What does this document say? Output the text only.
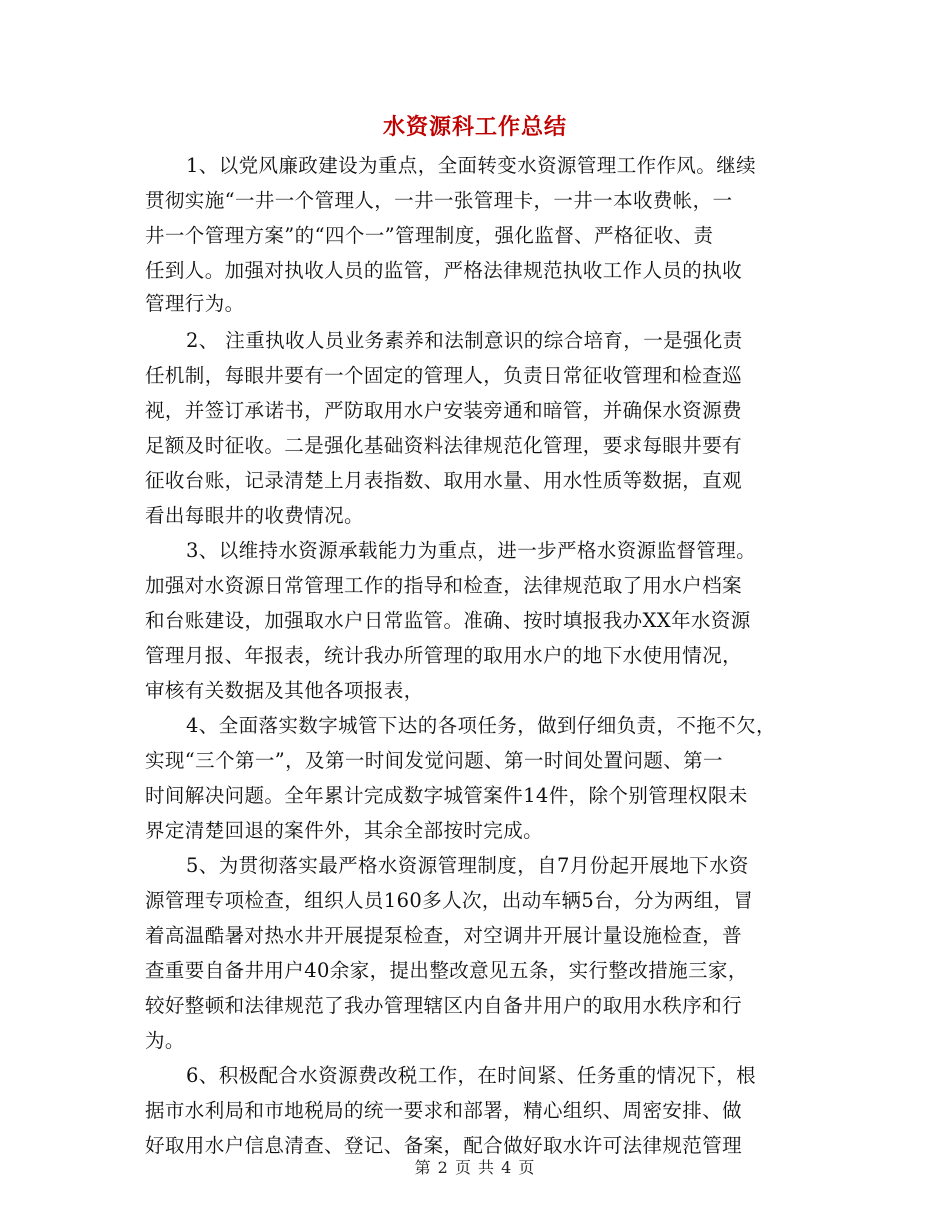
水资源科工作总结
1、以党风廉政建设为重点，全面转变水资源管理工作作风。继续
贯彻实施“一井一个管理人，一井一张管理卡，一井一本收费帐，一
井一个管理方案”的“四个一”管理制度，强化监督、严格征收、责
任到人。加强对执收人员的监管，严格法律规范执收工作人员的执收
管理行为。
2、 注重执收人员业务素养和法制意识的综合培育，一是强化责
任机制，每眼井要有一个固定的管理人，负责日常征收管理和检查巡
视，并签订承诺书，严防取用水户安装旁通和暗管，并确保水资源费
足额及时征收。二是强化基础资料法律规范化管理，要求每眼井要有
征收台账，记录清楚上月表指数、取用水量、用水性质等数据，直观
看出每眼井的收费情况。
3、以维持水资源承载能力为重点，进一步严格水资源监督管理。
加强对水资源日常管理工作的指导和检查，法律规范取了用水户档案
和台账建设，加强取水户日常监管。准确、按时填报我办XX年水资源
管理月报、年报表，统计我办所管理的取用水户的地下水使用情况，
审核有关数据及其他各项报表，
4、全面落实数字城管下达的各项任务，做到仔细负责，不拖不欠，
实现“三个第一”，及第一时间发觉问题、第一时间处置问题、第一
时间解决问题。全年累计完成数字城管案件14件，除个别管理权限未
界定清楚回退的案件外，其余全部按时完成。
5、为贯彻落实最严格水资源管理制度，自7月份起开展地下水资
源管理专项检查，组织人员160多人次，出动车辆5台，分为两组，冒
着高温酷暑对热水井开展提泵检查，对空调井开展计量设施检查，普
查重要自备井用户40余家，提出整改意见五条，实行整改措施三家，
较好整顿和法律规范了我办管理辖区内自备井用户的取用水秩序和行
为。
6、积极配合水资源费改税工作，在时间紧、任务重的情况下，根
据市水利局和市地税局的统一要求和部署，精心组织、周密安排、做
好取用水户信息清查、登记、备案，配合做好取水许可法律规范管理
第 2 页 共 4 页
